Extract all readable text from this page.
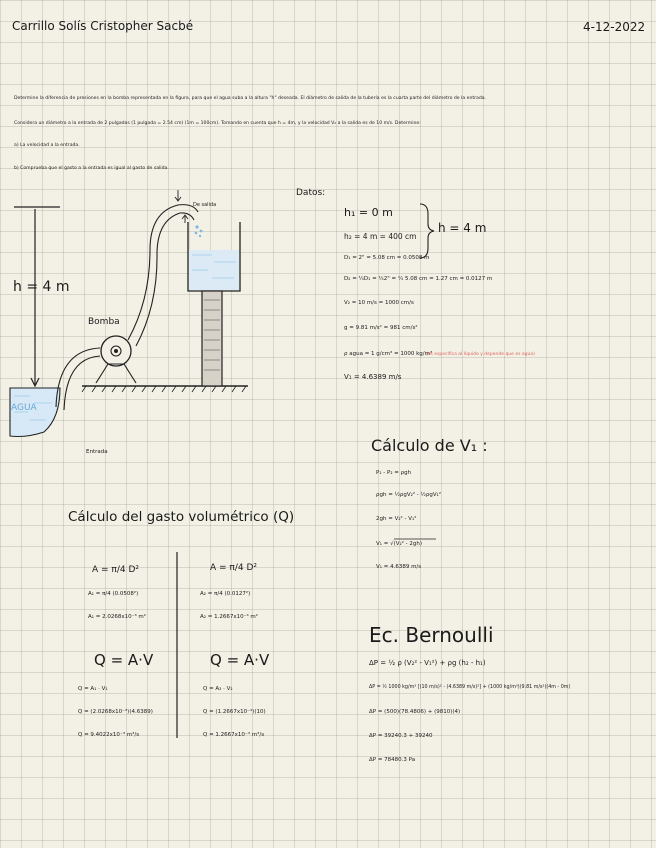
Carrillo Solís Cristopher Sacbé	4-12-2022
Determine la diferencia de presiones en la bomba representada en la figura, para que el agua suba a la altura "h" deseada. El diámetro de salida de la tubería es la cuarta parte del diámetro de la entrada.
Considera un diámetro a la entrada de 2 pulgadas (1 pulgada = 2.54 cm) (1m = 100cm). Tomando en cuenta que h = 4m, y la velocidad V₂ a la salida es de 10 m/s. Determine:
a) La velocidad a la entrada.
b) Comprueba que el gasto a la entrada es igual al gasto de salida.
h = 4 m
Bomba
AGUA
Entrada
De salida
Datos:
h₁ = 0 m
h₂ = 4 m = 400 cm
h = 4 m
D₁ = 2" = 5.08 cm = 0.0508 m
D₂ = ¼D₁ = ¼2" = ¼ 5.08 cm = 1.27 cm = 0.0127 m
V₂ = 10 m/s = 1000 cm/s
g = 9.81 m/s² = 981 cm/s²
ρ agua = 1 g/cm³ = 1000 kg/m³
(es específica al líquido y depende que es agua)
V₁ = 4.6389 m/s
Cálculo de V₁ :
P₁ - P₂ = ρgh
ρgh = ½ρgV₂² - ½ρgV₁²
2gh = V₂² - V₁²
V₁ = √(V₂² - 2gh)
V₁ = 4.6389 m/s
Cálculo del gasto volumétrico (Q)
A = π/4 D²
A₁ = π/4 (0.0508²)
A₁ = 2.0268x10⁻³ m²
Q = A·V
Q = A₁ · V₁
Q = (2.0268x10⁻³)(4.6389)
Q = 9.4022x10⁻³ m³/s
A = π/4 D²
A₂ = π/4 (0.0127²)
A₂ = 1.2667x10⁻⁴ m²
Q = A·V
Q = A₂ · V₂
Q = (1.2667x10⁻⁴)(10)
Q = 1.2667x10⁻³ m³/s
Ec. Bernoulli
ΔP = ½ ρ (V₂² - V₁²) + ρg (h₂ - h₁)
ΔP = ½ 1000 kg/m³ [(10 m/s)² - (4.6389 m/s)²] + (1000 kg/m³)(9.81 m/s²)(4m - 0m)
ΔP = (500)(78.4806) + (9810)(4)
ΔP = 39240.3 + 39240
ΔP = 78480.3 Pa
